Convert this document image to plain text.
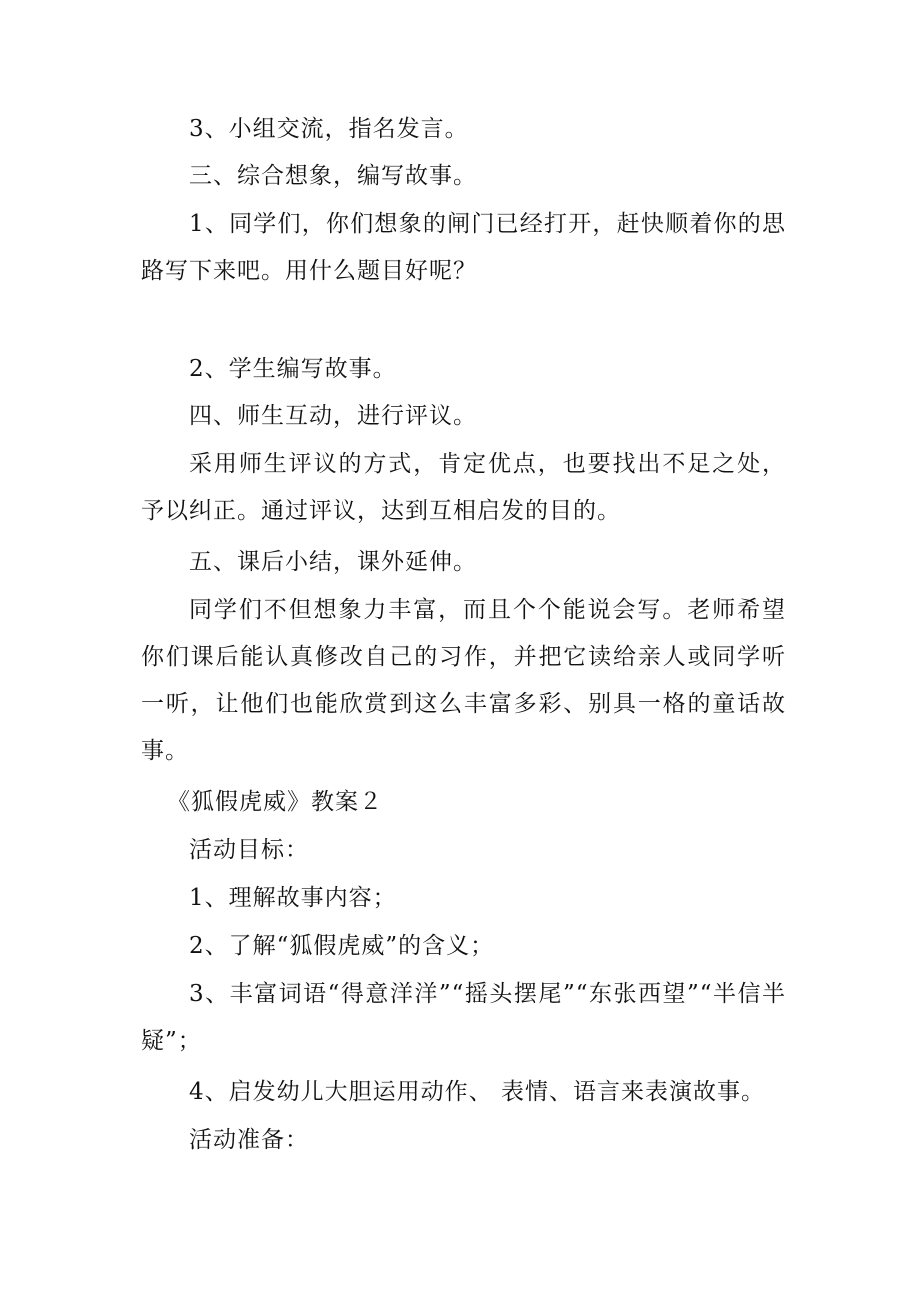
3、小组交流，指名发言。
三、综合想象，编写故事。
1、同学们，你们想象的闸门已经打开，赶快顺着你的思路写下来吧。用什么题目好呢？
2、学生编写故事。
四、师生互动，进行评议。
采用师生评议的方式，肯定优点，也要找出不足之处，予以纠正。通过评议，达到互相启发的目的。
五、课后小结，课外延伸。
同学们不但想象力丰富，而且个个能说会写。老师希望你们课后能认真修改自己的习作，并把它读给亲人或同学听一听，让他们也能欣赏到这么丰富多彩、别具一格的童话故事。
《狐假虎威》教案２
活动目标：
1、理解故事内容；
2、了解“狐假虎威”的含义；
3、丰富词语“得意洋洋”“摇头摆尾”“东张西望”“半信半疑”；
4、启发幼儿大胆运用动作、 表情、语言来表演故事。
活动准备：
